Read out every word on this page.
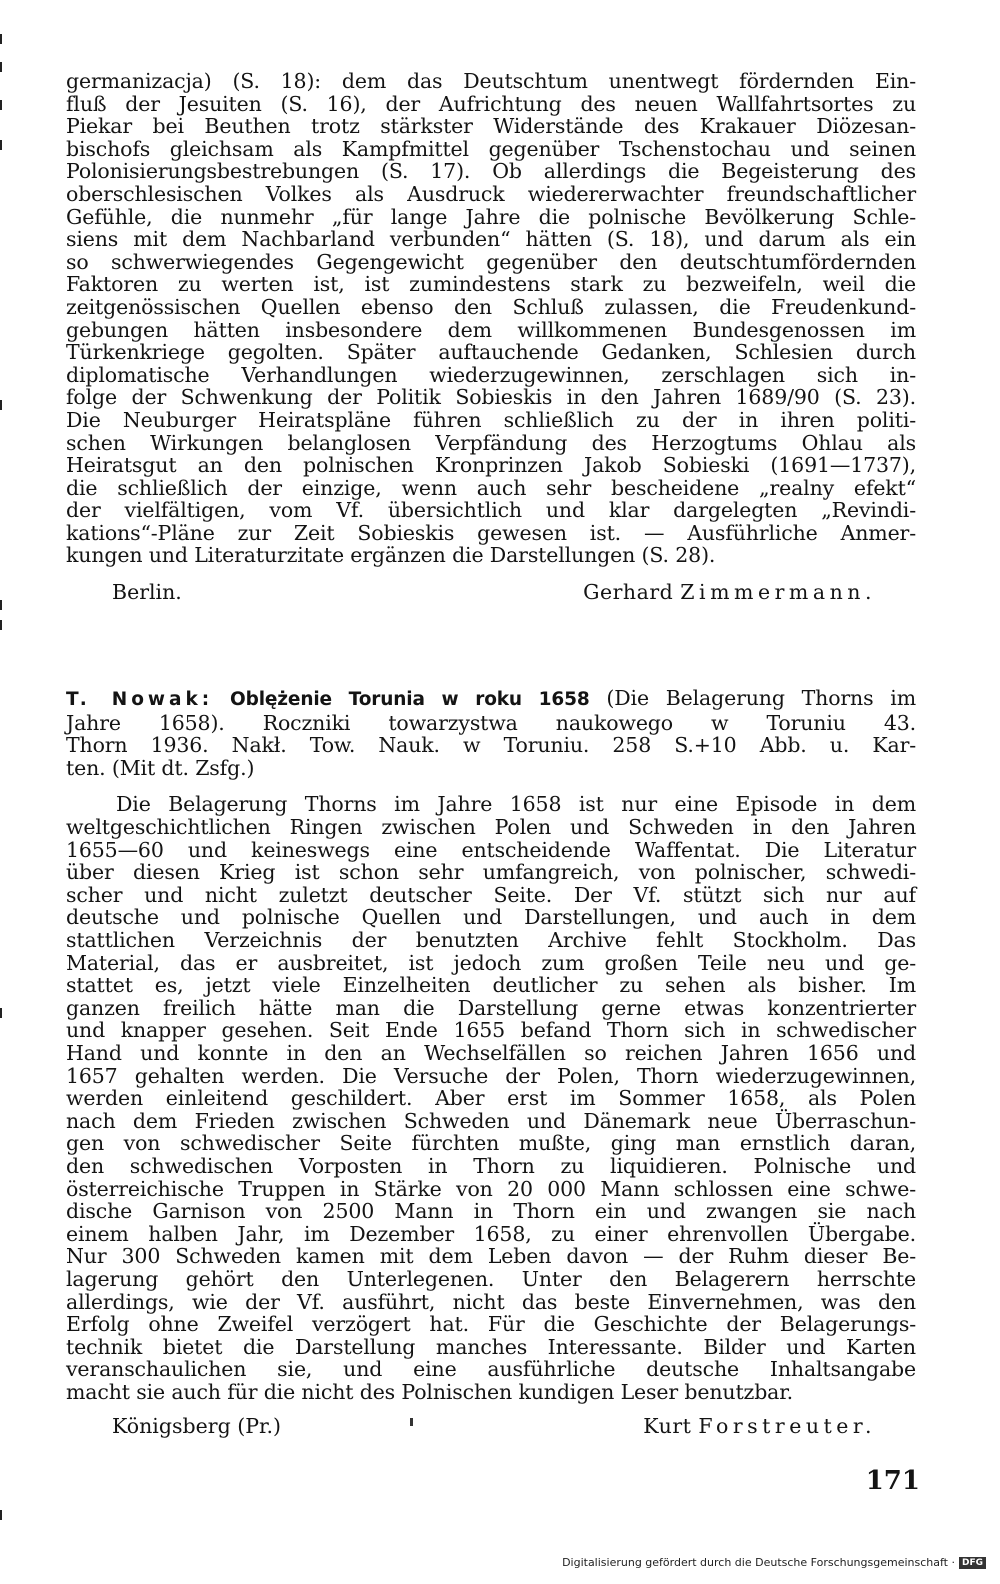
germanizacja) (S. 18): dem das Deutschtum unentwegt fördernden Ein-
fluß der Jesuiten (S. 16), der Aufrichtung des neuen Wallfahrtsortes zu
Piekar bei Beuthen trotz stärkster Widerstände des Krakauer Diözesan-
bischofs gleichsam als Kampfmittel gegenüber Tschenstochau und seinen
Polonisierungsbestrebungen (S. 17). Ob allerdings die Begeisterung des
oberschlesischen Volkes als Ausdruck wiedererwachter freundschaftlicher
Gefühle, die nunmehr „für lange Jahre die polnische Bevölkerung Schle-
siens mit dem Nachbarland verbunden“ hätten (S. 18), und darum als ein
so schwerwiegendes Gegengewicht gegenüber den deutschtumfördernden
Faktoren zu werten ist, ist zumindestens stark zu bezweifeln, weil die
zeitgenössischen Quellen ebenso den Schluß zulassen, die Freudenkund-
gebungen hätten insbesondere dem willkommenen Bundesgenossen im
Türkenkriege gegolten. Später auftauchende Gedanken, Schlesien durch
diplomatische Verhandlungen wiederzugewinnen, zerschlagen sich in-
folge der Schwenkung der Politik Sobieskis in den Jahren 1689/90 (S. 23).
Die Neuburger Heiratspläne führen schließlich zu der in ihren politi-
schen Wirkungen belanglosen Verpfändung des Herzogtums Ohlau als
Heiratsgut an den polnischen Kronprinzen Jakob Sobieski (1691—1737),
die schließlich der einzige, wenn auch sehr bescheidene „realny efekt“
der vielfältigen, vom Vf. übersichtlich und klar dargelegten „Revindi-
kations“-Pläne zur Zeit Sobieskis gewesen ist. — Ausführliche Anmer-
kungen und Literaturzitate ergänzen die Darstellungen (S. 28).
Berlin.	Gerhard Zimmermann.
T. Nowak: Oblężenie Torunia w roku 1658 (Die Belagerung Thorns im
Jahre 1658). Roczniki towarzystwa naukowego w Toruniu 43.
Thorn 1936. Nakł. Tow. Nauk. w Toruniu. 258 S.+10 Abb. u. Kar-
ten. (Mit dt. Zsfg.)
Die Belagerung Thorns im Jahre 1658 ist nur eine Episode in dem
weltgeschichtlichen Ringen zwischen Polen und Schweden in den Jahren
1655—60 und keineswegs eine entscheidende Waffentat. Die Literatur
über diesen Krieg ist schon sehr umfangreich, von polnischer, schwedi-
scher und nicht zuletzt deutscher Seite. Der Vf. stützt sich nur auf
deutsche und polnische Quellen und Darstellungen, und auch in dem
stattlichen Verzeichnis der benutzten Archive fehlt Stockholm. Das
Material, das er ausbreitet, ist jedoch zum großen Teile neu und ge-
stattet es, jetzt viele Einzelheiten deutlicher zu sehen als bisher. Im
ganzen freilich hätte man die Darstellung gerne etwas konzentrierter
und knapper gesehen. Seit Ende 1655 befand Thorn sich in schwedischer
Hand und konnte in den an Wechselfällen so reichen Jahren 1656 und
1657 gehalten werden. Die Versuche der Polen, Thorn wiederzugewinnen,
werden einleitend geschildert. Aber erst im Sommer 1658, als Polen
nach dem Frieden zwischen Schweden und Dänemark neue Überraschun-
gen von schwedischer Seite fürchten mußte, ging man ernstlich daran,
den schwedischen Vorposten in Thorn zu liquidieren. Polnische und
österreichische Truppen in Stärke von 20 000 Mann schlossen eine schwe-
dische Garnison von 2500 Mann in Thorn ein und zwangen sie nach
einem halben Jahr, im Dezember 1658, zu einer ehrenvollen Übergabe.
Nur 300 Schweden kamen mit dem Leben davon — der Ruhm dieser Be-
lagerung gehört den Unterlegenen. Unter den Belagerern herrschte
allerdings, wie der Vf. ausführt, nicht das beste Einvernehmen, was den
Erfolg ohne Zweifel verzögert hat. Für die Geschichte der Belagerungs-
technik bietet die Darstellung manches Interessante. Bilder und Karten
veranschaulichen sie, und eine ausführliche deutsche Inhaltsangabe
macht sie auch für die nicht des Polnischen kundigen Leser benutzbar.
Königsberg (Pr.)	Kurt Forstreuter.
171
Digitalisierung gefördert durch die Deutsche Forschungsgemeinschaft · DFG
